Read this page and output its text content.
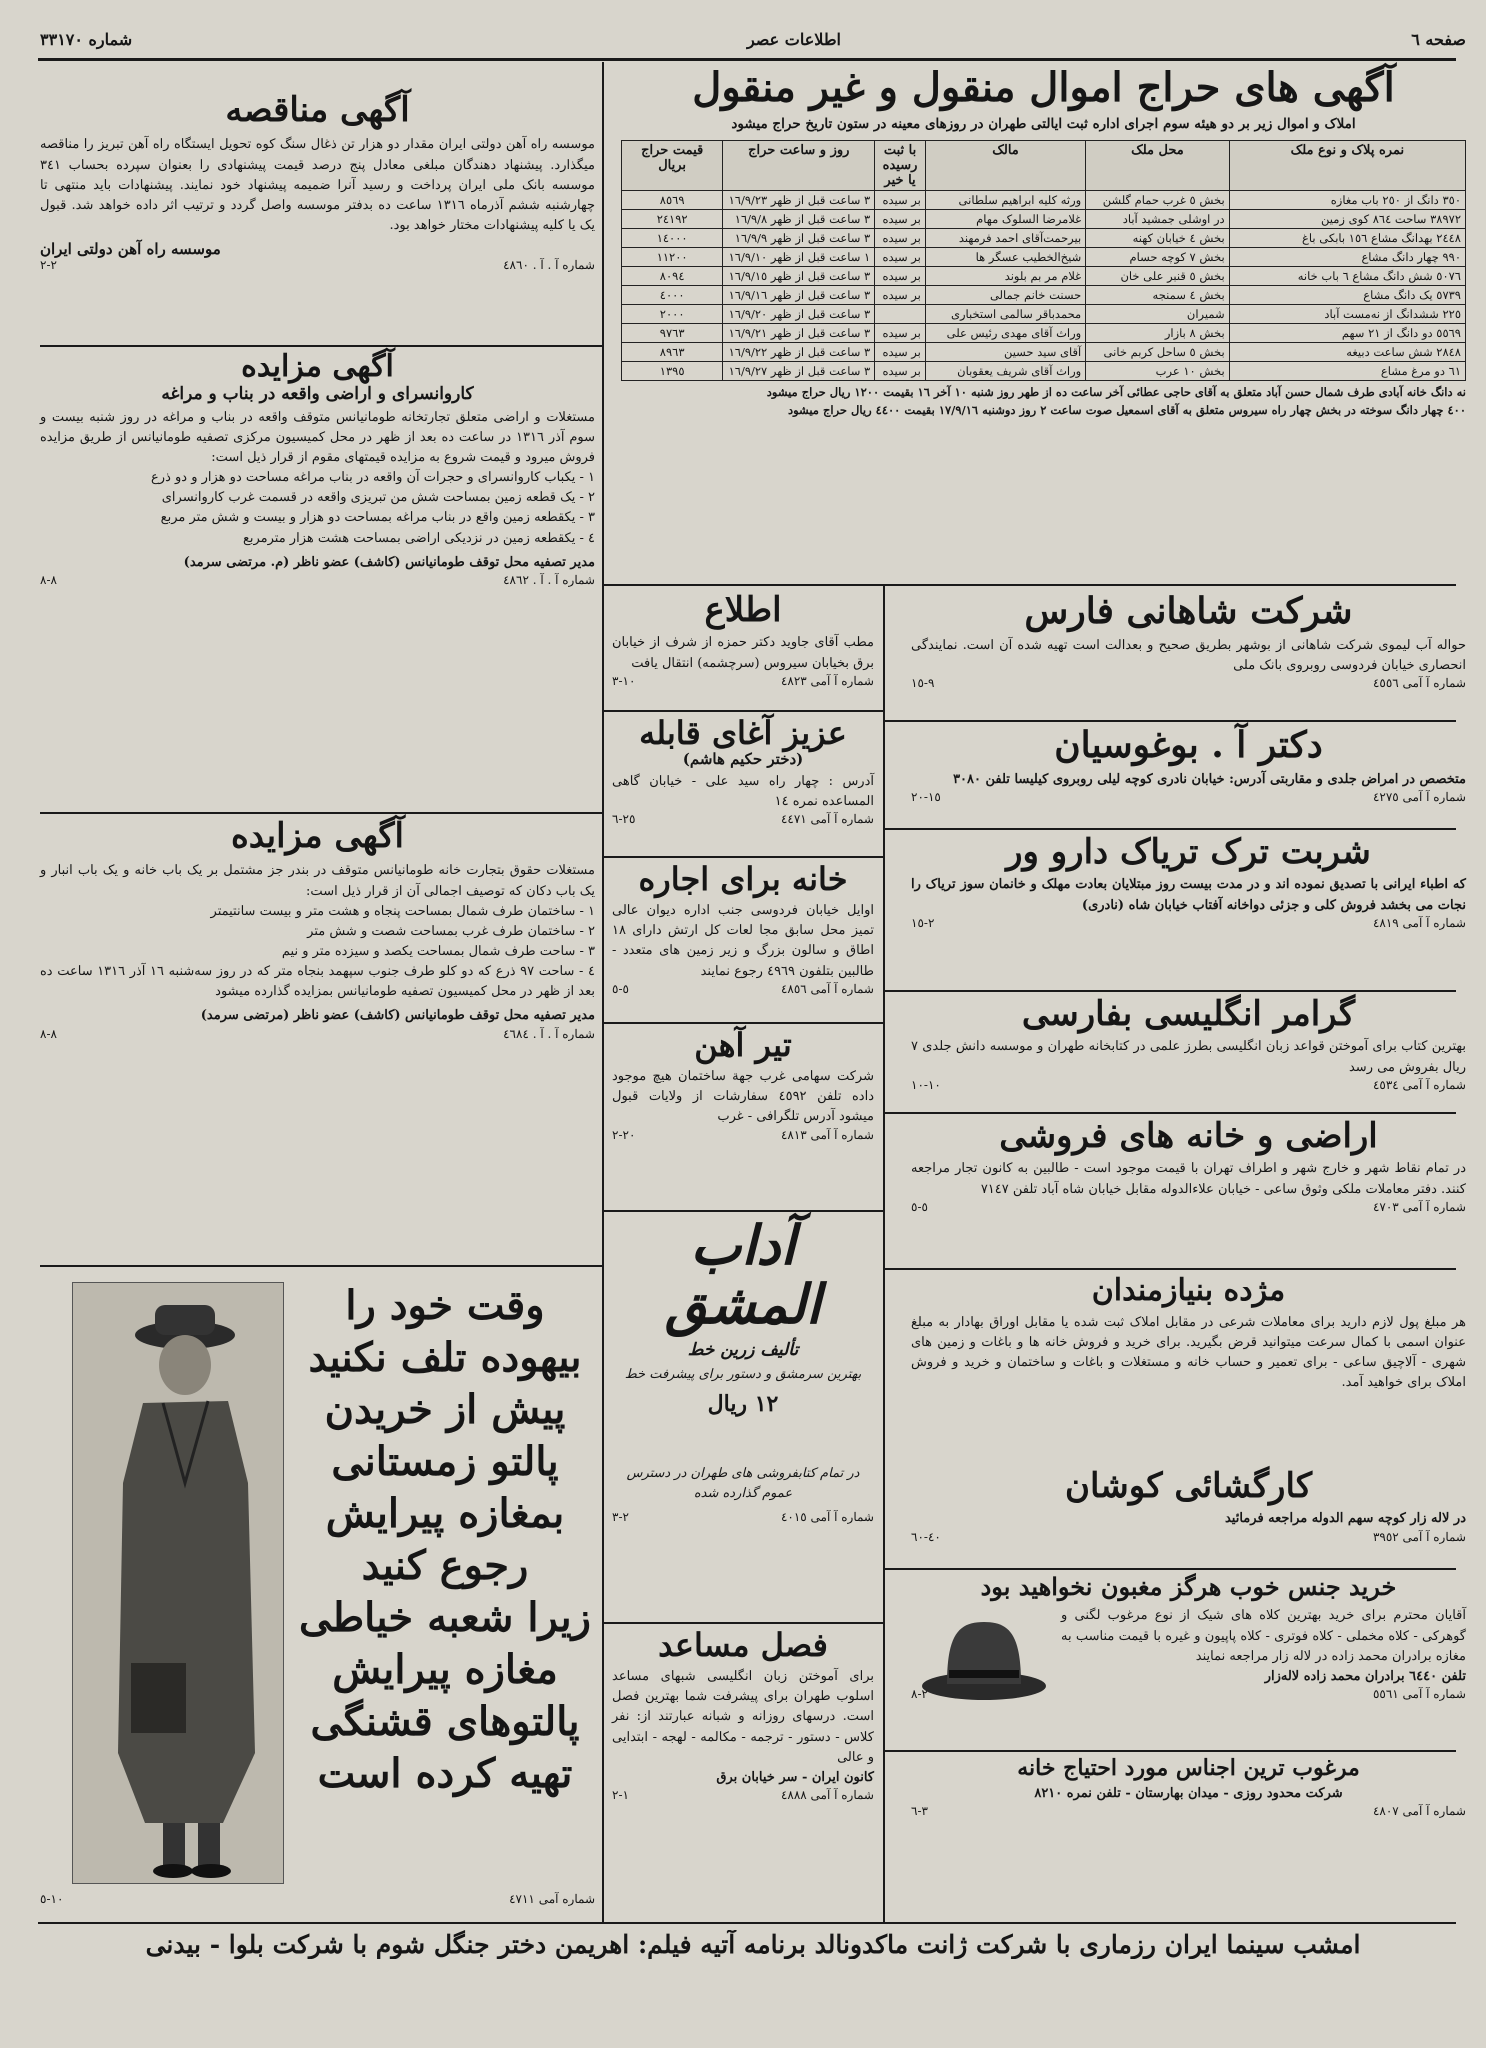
صفحه ٦
اطلاعات عصر
شماره ٣٣١٧٠
آگهی های حراج اموال منقول و غیر منقول
املاک و اموال زیر بر دو هیئه سوم اجرای اداره ثبت ایالتی طهران در روزهای معینه در ستون تاریخ حراج میشود
نمره پلاک و نوع ملک	محل ملک	مالک	با ثبت رسیده یا خیر	روز و ساعت حراج	قیمت حراج بریال
٣٥٠ دانگ از ٢٥٠ باب مغازه	بخش ٥ غرب حمام گلشن	ورثه کلیه ابراهیم سلطانی	بر سیده	٣ ساعت قبل از ظهر ١٦/٩/٢٣	٨٥٦٩
٣٨٩٧٢ ساحت ٨٦٤ کوی زمین	در اوشلی جمشید آباد	غلامرضا السلوک مهام	بر سیده	٣ ساعت قبل از ظهر ١٦/٩/٨	٢٤١٩٢
٢٤٤٨ بهدانگ مشاع ١٥٦ بابکی باغ	بخش ٤ خیابان کهنه	بیرحمت‌آقای احمد فرمهند	بر سیده	٣ ساعت قبل از ظهر ١٦/٩/٩	١٤٠٠٠
٩٩٠ چهار دانگ مشاع	بخش ٧ کوچه حسام	شیخ‌الخطیب عسگر ها	بر سیده	١ ساعت قبل از ظهر ١٦/٩/١٠	١١٢٠٠
٥٠٧٦ شش دانگ مشاع ٦ باب خانه	بخش ٥ قنبر علی خان	غلام مر بم بلوند	بر سیده	٣ ساعت قبل از ظهر ١٦/٩/١٥	٨٠٩٤
٥٧٣٩ یک دانگ مشاع	بخش ٤ سمنجه	حسنت خانم جمالی	بر سیده	٣ ساعت قبل از ظهر ١٦/٩/١٦	٤٠٠٠
٢٢٥ ششدانگ از نه‌مست آباد	شمیران	محمدباقر سالمی استخباری		٣ ساعت قبل از ظهر ١٦/٩/٢٠	٢٠٠٠
٥٥٦٩ دو دانگ از ٢١ سهم	بخش ٨ بازار	وراث آقای مهدی رئیس علی	بر سیده	٣ ساعت قبل از ظهر ١٦/٩/٢١	٩٧٦٣
٢٨٤٨ شش ساعت دبیغه	بخش ٥ ساحل کربم خانی	آقای سید حسین	بر سیده	٣ ساعت قبل از ظهر ١٦/٩/٢٢	٨٩٦٣
٦١ دو مرغ مشاع	بخش ١٠ عرب	وراث آقای شریف یعقوبان	بر سیده	٣ ساعت قبل از ظهر ١٦/٩/٢٧	١٣٩٥
نه دانگ خانه آبادی طرف شمال حسن آباد متعلق به آقای حاجی عطائی آخر ساعت ده از طهر روز شنبه ١٠ آخر ١٦ بقیمت ١٢٠٠ ریال حراج میشود
٤٠٠ چهار دانگ سوخته در بخش چهار راه سیروس متعلق به آقای اسمعیل صوت ساعت ٢ روز دوشنبه ١٧/٩/١٦ بقیمت ٤٤٠٠ ریال حراج میشود
آگهی مناقصه
موسسه راه آهن دولتی ایران مقدار دو هزار تن ذغال سنگ کوه تحویل ایستگاه راه آهن تبریز را مناقصه میگذارد. پیشنهاد دهندگان مبلغی معادل پنج درصد قیمت پیشنهادی را بعنوان سپرده بحساب ٣٤١ موسسه بانک ملی ایران پرداخت و رسید آنرا ضمیمه پیشنهاد خود نمایند. پیشنهادات باید منتهی تا چهارشنبه ششم آذرماه ١٣١٦ ساعت ده بدفتر موسسه واصل گردد و ترتیب اثر داده خواهد شد. قبول یک یا کلیه پیشنهادات مختار خواهد بود.
موسسه راه آهن دولتی ایران
شماره آ . آ . ٤٨٦٠
٢-٢
آگهی مزایده
کاروانسرای و اراضی واقعه در بناب و مراغه
مستغلات و اراضی متعلق تجارتخانه طومانیانس متوقف واقعه در بناب و مراغه در روز شنبه بیست و سوم آذر ١٣١٦ در ساعت ده بعد از ظهر در محل کمیسیون مرکزی تصفیه طومانیانس از طریق مزایده فروش میرود و قیمت شروع به مزایده قیمتهای مقوم از قرار ذیل است:
١ - یکباب کاروانسرای و حجرات آن واقعه در بناب مراغه مساحت دو هزار و دو ذرع
٢ - یک قطعه زمین بمساحت شش من تبریزی واقعه در قسمت غرب کاروانسرای
٣ - یکقطعه زمین واقع در بناب مراغه بمساحت دو هزار و بیست و شش متر مربع
٤ - یکقطعه زمین در نزدیکی اراضی بمساحت هشت هزار مترمربع
مدیر تصفیه محل توقف طومانیانس (کاشف) عضو ناظر (م. مرتضی سرمد)
شماره آ . آ . ٤٨٦٢
٨-٨
آگهی مزایده
مستغلات حقوق بتجارت خانه طومانیانس متوقف در بندر جز مشتمل بر یک باب خانه و یک باب انبار و یک باب دکان که توصیف اجمالی آن از قرار ذیل است:
١ - ساختمان طرف شمال بمساحت پنجاه و هشت متر و بیست سانتیمتر
٢ - ساختمان طرف غرب بمساحت شصت و شش متر
٣ - ساحت طرف شمال بمساحت یکصد و سیزده متر و نیم
٤ - ساحت ٩٧ ذرع که دو کلو طرف جنوب سپهمد بنجاه متر که در روز سه‌شنبه ١٦ آذر ١٣١٦ ساعت ده بعد از ظهر در محل کمیسیون تصفیه طومانیانس بمزایده گذارده میشود
مدیر تصفیه محل توقف طومانیانس (کاشف) عضو ناظر (مرتضی سرمد)
شماره آ . آ . ٤٦٨٤
٨-٨
وقت خود را
بیهوده تلف نکنید
پیش از خریدن
پالتو زمستانی
بمغازه پیرایش
رجوع کنید
زیرا شعبه خیاطی
مغازه پیرایش
پالتوهای قشنگی
تهیه کرده است
شماره آمی ٤٧١١
١٠-٥
اطلاع
مطب آقای جاوید دکتر حمزه از شرف از خیابان برق بخیابان سیروس (سرچشمه) انتقال یافت
شماره آ آمی ٤٨٢٣
١٠-٣
عزیز آغای قابله
(دختر حکیم هاشم)
آدرس : چهار راه سید علی - خیابان گاهی المساعده نمره ١٤
شماره آ آمی ٤٤٧١
٢٥-٦
خانه برای اجاره
اوایل خیابان فردوسی جنب اداره دیوان عالی تمیز محل سابق مجا لعات کل ارتش دارای ١٨ اطاق و سالون بزرگ و زیر زمین های متعدد - طالبین بتلفون ٤٩٦٩ رجوع نمایند
شماره آ آمی ٤٨٥٦
٥-٥
تیر آهن
شرکت سهامی غرب جهة ساختمان هیچ موجود داده تلفن ٤٥٩٢ سفارشات از ولایات قبول میشود آدرس تلگرافی - غرب
شماره آ آمی ٤٨١٣
٢٠-٢
آداب المشق
تألیف زرین خط
بهترین سرمشق و دستور برای پیشرفت خط
١٢ ریال
در تمام کتابفروشی های طهران در دسترس عموم گذارده شده
شماره آ آمی ٤٠١٥
٢-٣
فصل مساعد
برای آموختن زبان انگلیسی شبهای مساعد اسلوب طهران برای پیشرفت شما بهترین فصل است. درسهای روزانه و شبانه عبارتند از: نفر کلاس - دستور - ترجمه - مکالمه - لهجه - ابتدایی و عالی
کانون ایران - سر خیابان برق
شماره آ آمی ٤٨٨٨
١-٢
شرکت شاهانی فارس
حواله آب لیموی شرکت شاهانی از بوشهر بطریق صحیح و بعدالت است تهیه شده آن است. نمایندگی انحصاری خیابان فردوسی روبروی بانک ملی
شماره آ آمی ٤٥٥٦
٩-١٥
دکتر آ . بوغوسیان
متخصص در امراض جلدی و مقاربتی آدرس: خیابان نادری کوچه لیلی روبروی کیلیسا تلفن ٣٠٨٠
شماره آ آمی ٤٢٧٥
١٥-٢٠
شربت ترک تریاک دارو ور
که اطباء ایرانی با تصدیق نموده اند و در مدت بیست روز مبتلایان بعادت مهلک و خانمان سوز تریاک را نجات می بخشد فروش کلی و جزئی دواخانه آفتاب خیابان شاه (نادری)
شماره آ آمی ٤٨١٩
٢-١٥
گرامر انگلیسی بفارسی
بهترین کتاب برای آموختن قواعد زبان انگلیسی بطرز علمی در کتابخانه طهران و موسسه دانش جلدی ٧ ریال بفروش می رسد
شماره آ آمی ٤٥٣٤
١٠-١٠
اراضی و خانه های فروشی
در تمام نقاط شهر و خارج شهر و اطراف تهران با قیمت موجود است - طالبین به کانون تجار مراجعه کنند. دفتر معاملات ملکی وثوق ساعی - خیابان علاءالدوله مقابل خیابان شاه آباد تلفن ٧١٤٧
شماره آ آمی ٤٧٠٣
٥-٥
مژده بنیازمندان
هر مبلغ پول لازم دارید برای معاملات شرعی در مقابل املاک ثبت شده یا مقابل اوراق بهادار به مبلغ عنوان اسمی با کمال سرعت میتوانید قرض بگیرید. برای خرید و فروش خانه ها و باغات و زمین های شهری - آلاچیق ساعی - برای تعمیر و حساب خانه و مستغلات و باغات و ساختمان و خرید و فروش املاک برای خواهید آمد.
کارگشائی کوشان
در لاله زار کوچه سهم الدوله مراجعه فرمائید
شماره آ آمی ٣٩٥٢
٤٠-٦٠
خرید جنس خوب هرگز مغبون نخواهید بود
آقایان محترم برای خرید بهترین کلاه های شیک از نوع مرغوب لگنی و گوهرکی - کلاه مخملی - کلاه فوتری - کلاه پاپیون و غیره با قیمت مناسب به مغازه برادران محمد زاده در لاله زار مراجعه نمایند
تلفن ٦٤٤٠ برادران محمد زاده لاله‌زار
شماره آ آمی ٥٥٦١
٢-٨
مرغوب ترین اجناس مورد احتیاج خانه
شرکت محدود روزی - میدان بهارستان - تلفن نمره ٨٢١٠
شماره آ آمی ٤٨٠٧
٣-٦
امشب سینما ایران رزماری با شرکت ژانت ماکدونالد برنامه آتیه فیلم: اهریمن دختر جنگل شوم با شرکت بلوا - بیدنی
